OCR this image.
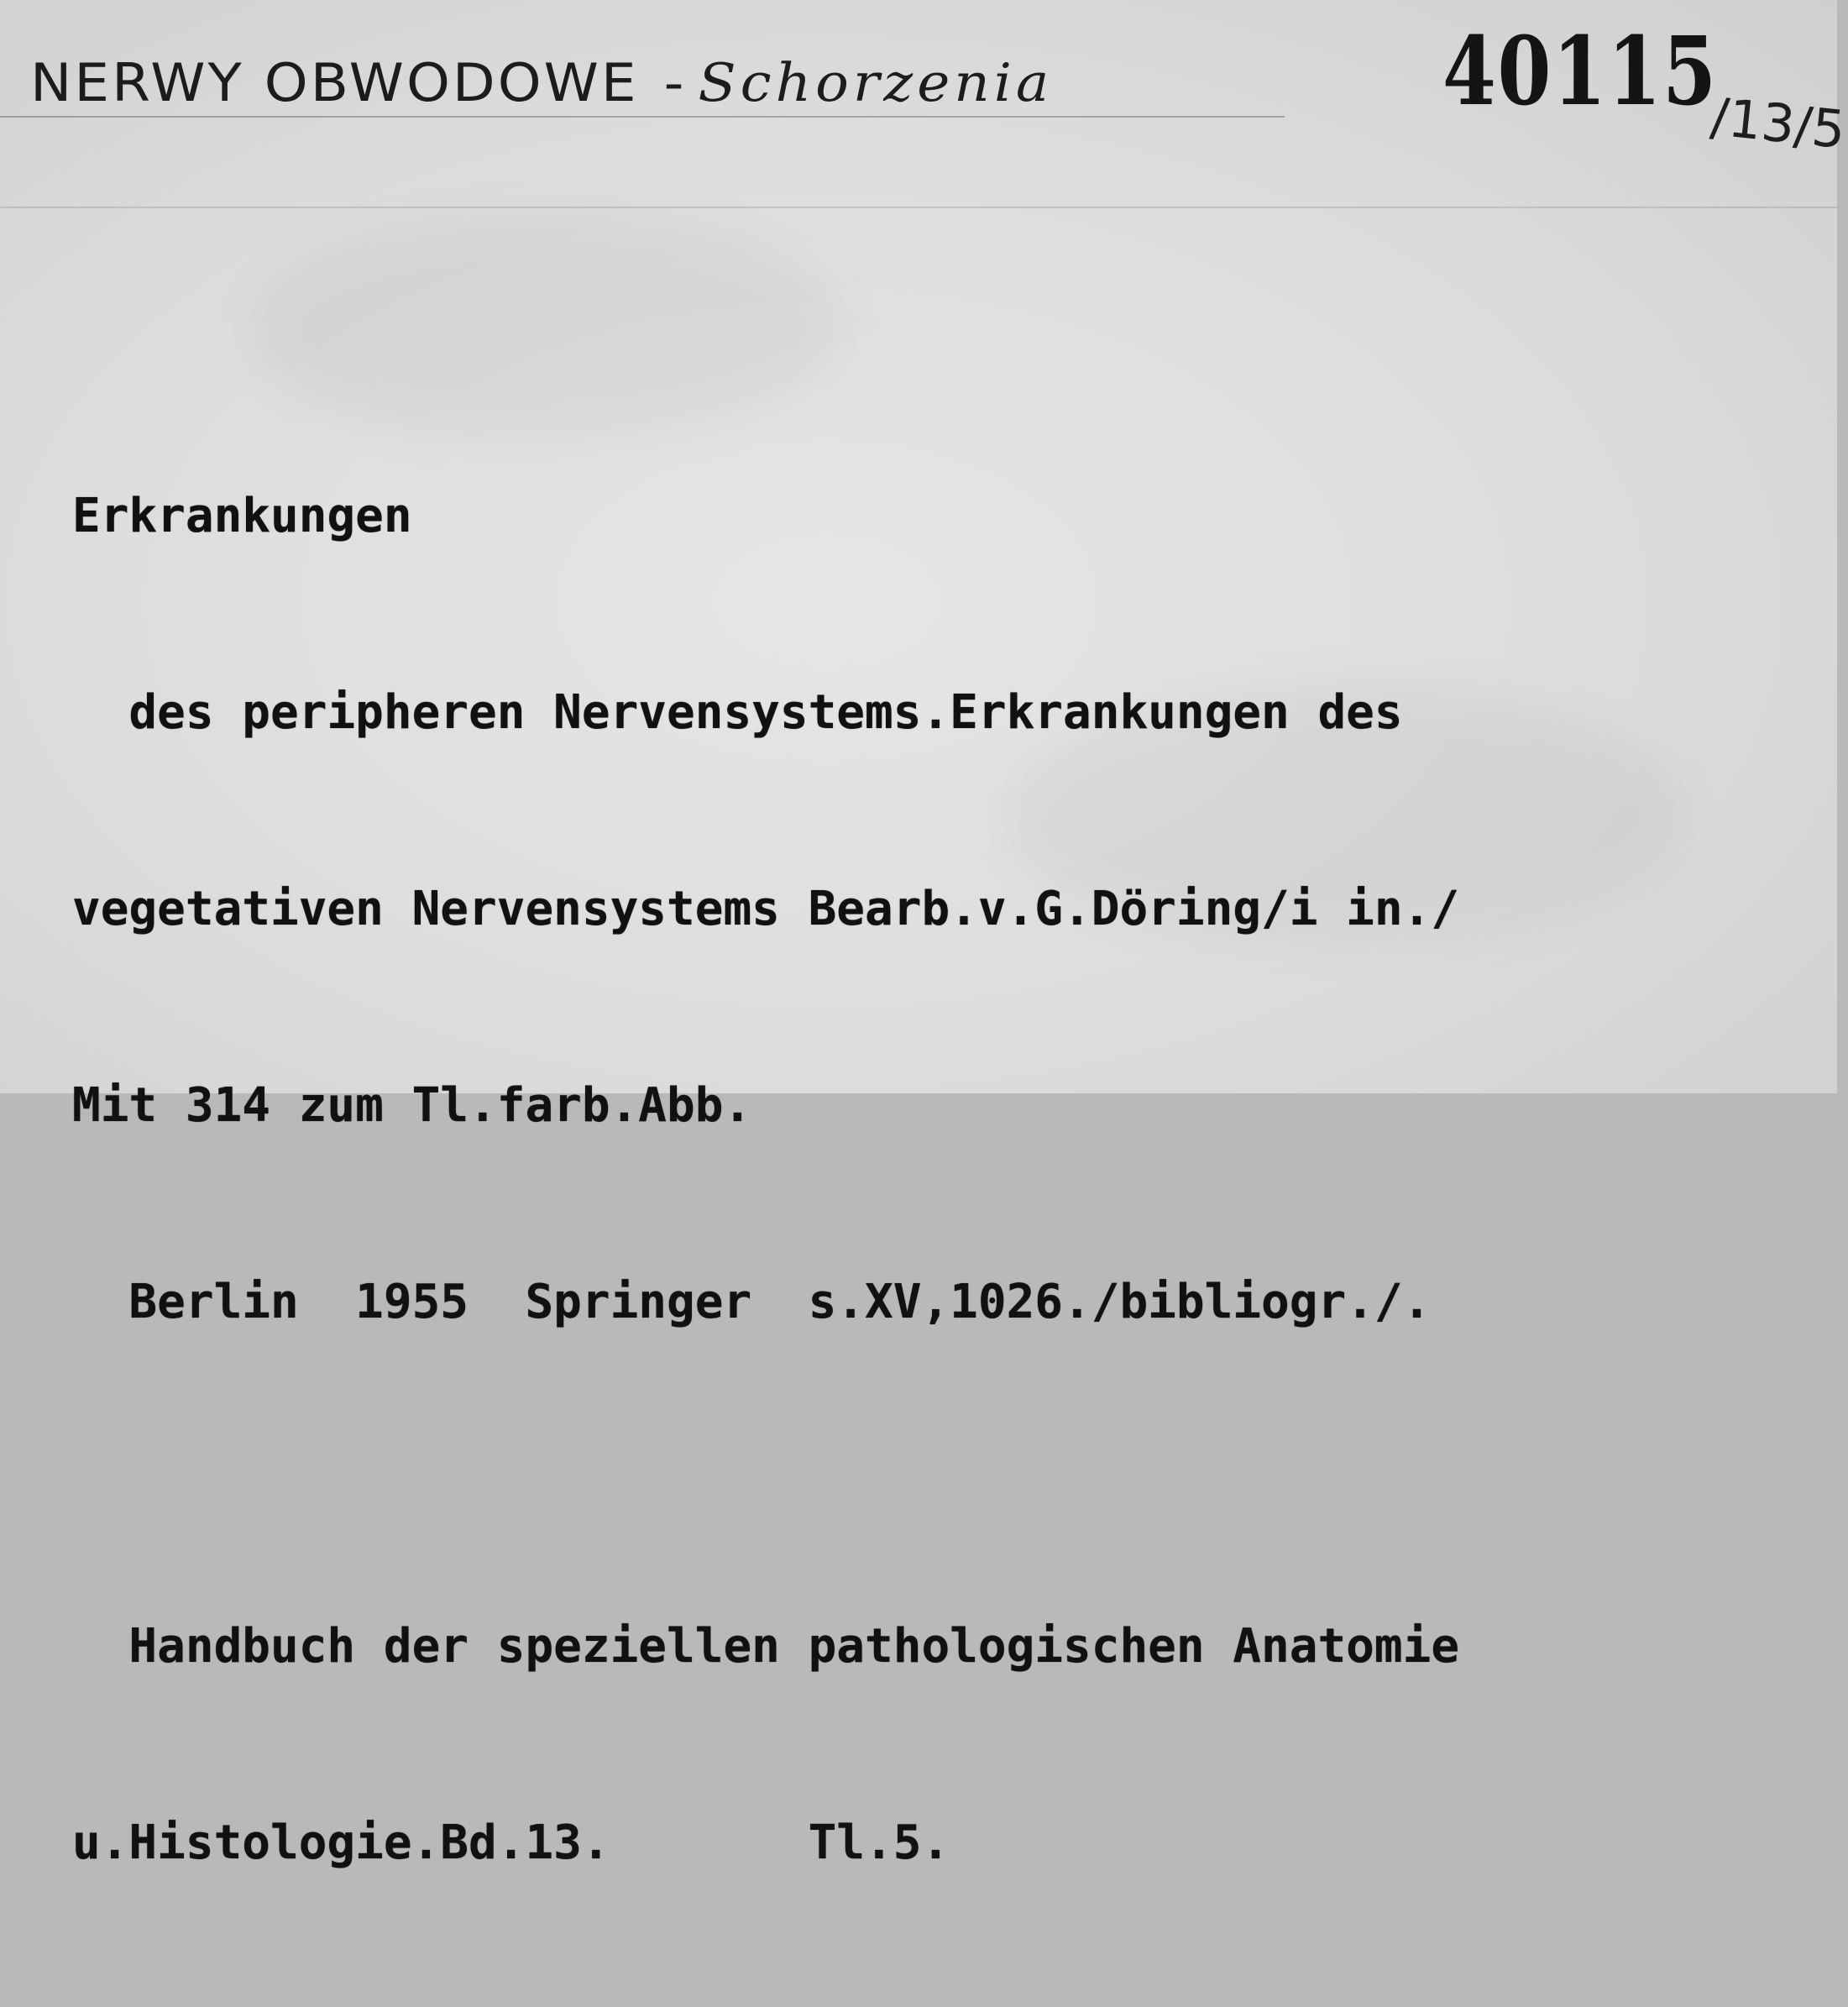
NERWY OBWODOWE - Schorzenia	40115
/13/5

Erkrankungen

des peripheren Nervensystems.Erkrankungen des

vegetativen Nervensystems Bearb.v.G.Döring/i in./

Mit 314 zum Tl.farb.Abb.

Berlin  1955  Springer  s.XV,1026./bibliogr./.

Handbuch der speziellen pathologischen Anatomie

u.Histologie.Bd.13.       Tl.5.
